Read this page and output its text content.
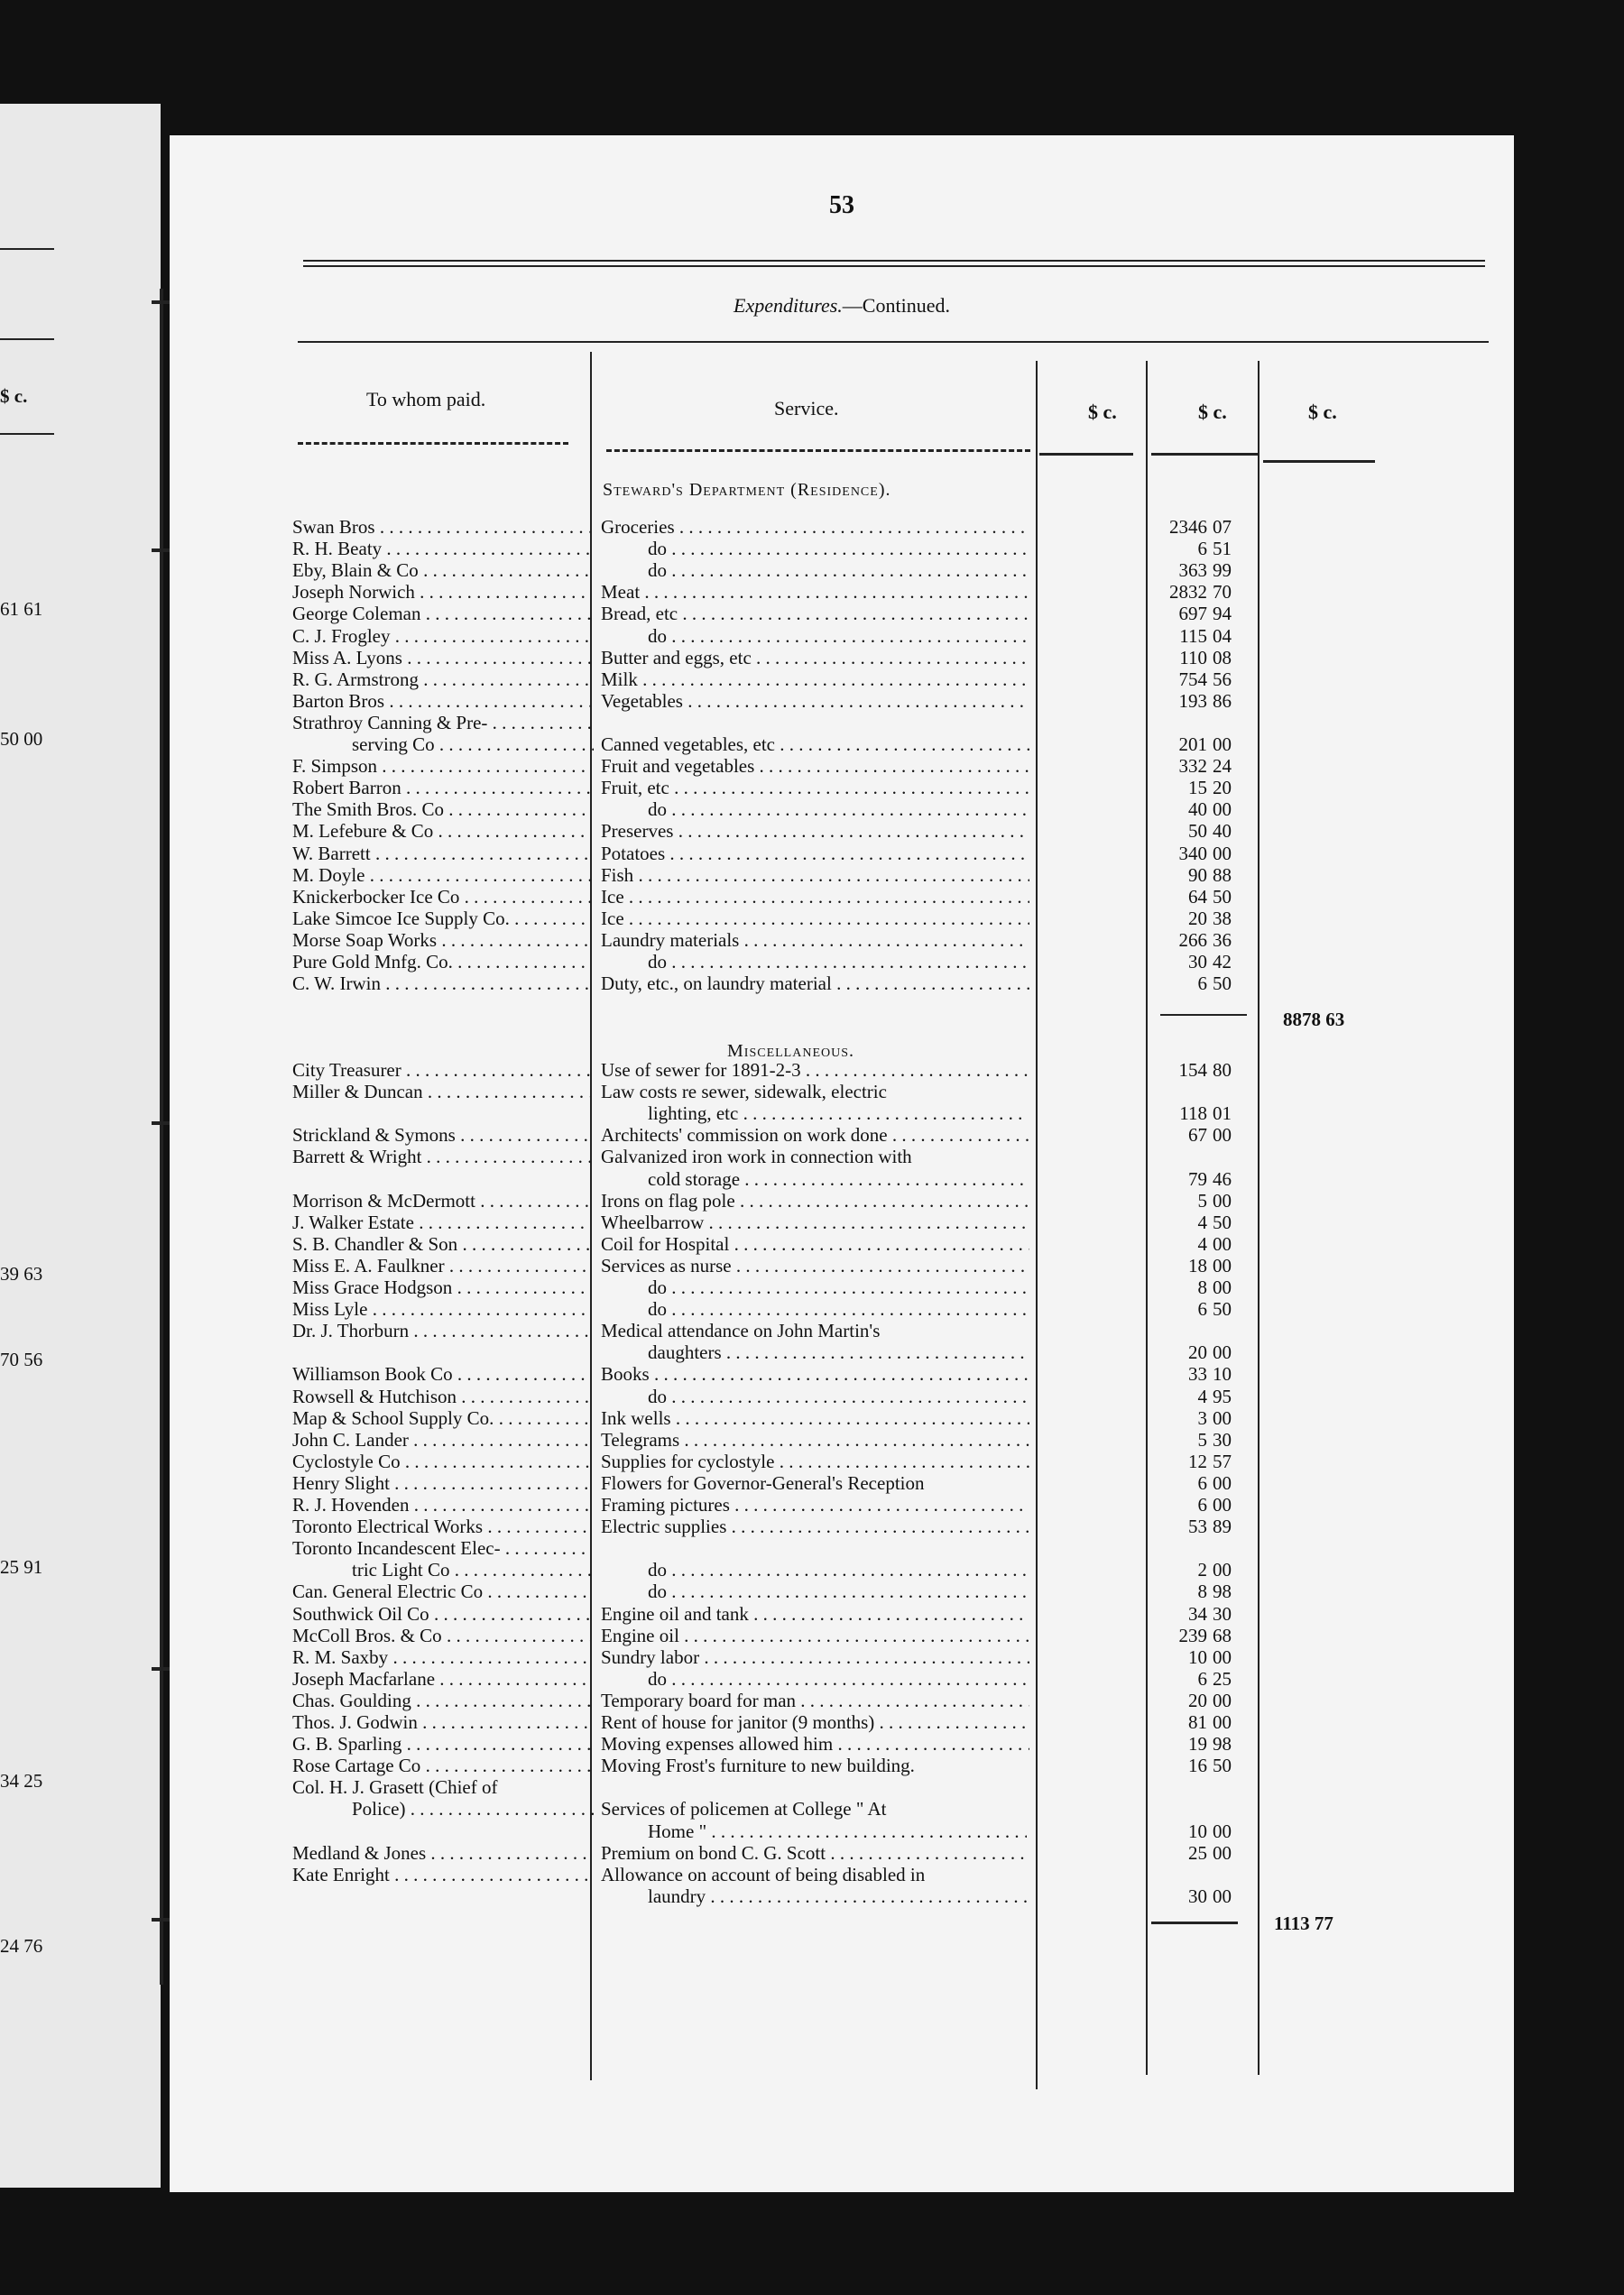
$ c.
61 61
50 00
39 63
70 56
25 91
34 25
24 76
53
Expenditures.—Continued.
To whom paid.	Service.	$ c.	$ c.	$ c.
Steward's Department (Residence).
Swan Bros . . .	Groceries . . .	2346 07
R. H. Beaty . . .	do . . .	6 51
Eby, Blain & Co . . .	do . . .	363 99
Joseph Norwich . . .	Meat . . .	2832 70
George Coleman . . .	Bread, etc . . .	697 94
C. J. Frogley . . .	do . . .	115 04
Miss A. Lyons . . .	Butter and eggs, etc . . .	110 08
R. G. Armstrong . . .	Milk . . .	754 56
Barton Bros . . .	Vegetables . . .	193 86
Strathroy Canning & Pre- . . .
serving Co . . .	Canned vegetables, etc . . .	201 00
F. Simpson . . .	Fruit and vegetables . . .	332 24
Robert Barron . . .	Fruit, etc . . .	15 20
The Smith Bros. Co . . .	do . . .	40 00
M. Lefebure & Co . . .	Preserves . . .	50 40
W. Barrett . . .	Potatoes . . .	340 00
M. Doyle . . .	Fish . . .	90 88
Knickerbocker Ice Co . . .	Ice . . .	64 50
Lake Simcoe Ice Supply Co. . . .	Ice . . .	20 38
Morse Soap Works . . .	Laundry materials . . .	266 36
Pure Gold Mnfg. Co. . . .	do . . .	30 42
C. W. Irwin . . .	Duty, etc., on laundry material . . .	6 50
8878 63
Miscellaneous.
City Treasurer . . .	Use of sewer for 1891-2-3 . . .	154 80
Miller & Duncan . . .	Law costs re sewer, sidewalk, electric
lighting, etc . . .	118 01
Strickland & Symons . . .	Architects' commission on work done . . .	67 00
Barrett & Wright . . .	Galvanized iron work in connection with
cold storage . . .	79 46
Morrison & McDermott . . .	Irons on flag pole . . .	5 00
J. Walker Estate . . .	Wheelbarrow . . .	4 50
S. B. Chandler & Son . . .	Coil for Hospital . . .	4 00
Miss E. A. Faulkner . . .	Services as nurse . . .	18 00
Miss Grace Hodgson . . .	do . . .	8 00
Miss Lyle . . .	do . . .	6 50
Dr. J. Thorburn . . .	Medical attendance on John Martin's
daughters . . .	20 00
Williamson Book Co . . .	Books . . .	33 10
Rowsell & Hutchison . . .	do . . .	4 95
Map & School Supply Co. . . .	Ink wells . . .	3 00
John C. Lander . . .	Telegrams . . .	5 30
Cyclostyle Co . . .	Supplies for cyclostyle . . .	12 57
Henry Slight . . .	Flowers for Governor-General's Reception	6 00
R. J. Hovenden . . .	Framing pictures . . .	6 00
Toronto Electrical Works . . .	Electric supplies . . .	53 89
Toronto Incandescent Elec- . . .
tric Light Co . . .	do . . .	2 00
Can. General Electric Co . . .	do . . .	8 98
Southwick Oil Co . . .	Engine oil and tank . . .	34 30
McColl Bros. & Co . . .	Engine oil . . .	239 68
R. M. Saxby . . .	Sundry labor . . .	10 00
Joseph Macfarlane . . .	do . . .	6 25
Chas. Goulding . . .	Temporary board for man . . .	20 00
Thos. J. Godwin . . .	Rent of house for janitor (9 months) . . .	81 00
G. B. Sparling . . .	Moving expenses allowed him . . .	19 98
Rose Cartage Co . . .	Moving Frost's furniture to new building.	16 50
Col. H. J. Grasett (Chief of
Police) . . .	Services of policemen at College " At
Home " . . .	10 00
Medland & Jones . . .	Premium on bond C. G. Scott . . .	25 00
Kate Enright . . .	Allowance on account of being disabled in
laundry . . .	30 00
1113 77
